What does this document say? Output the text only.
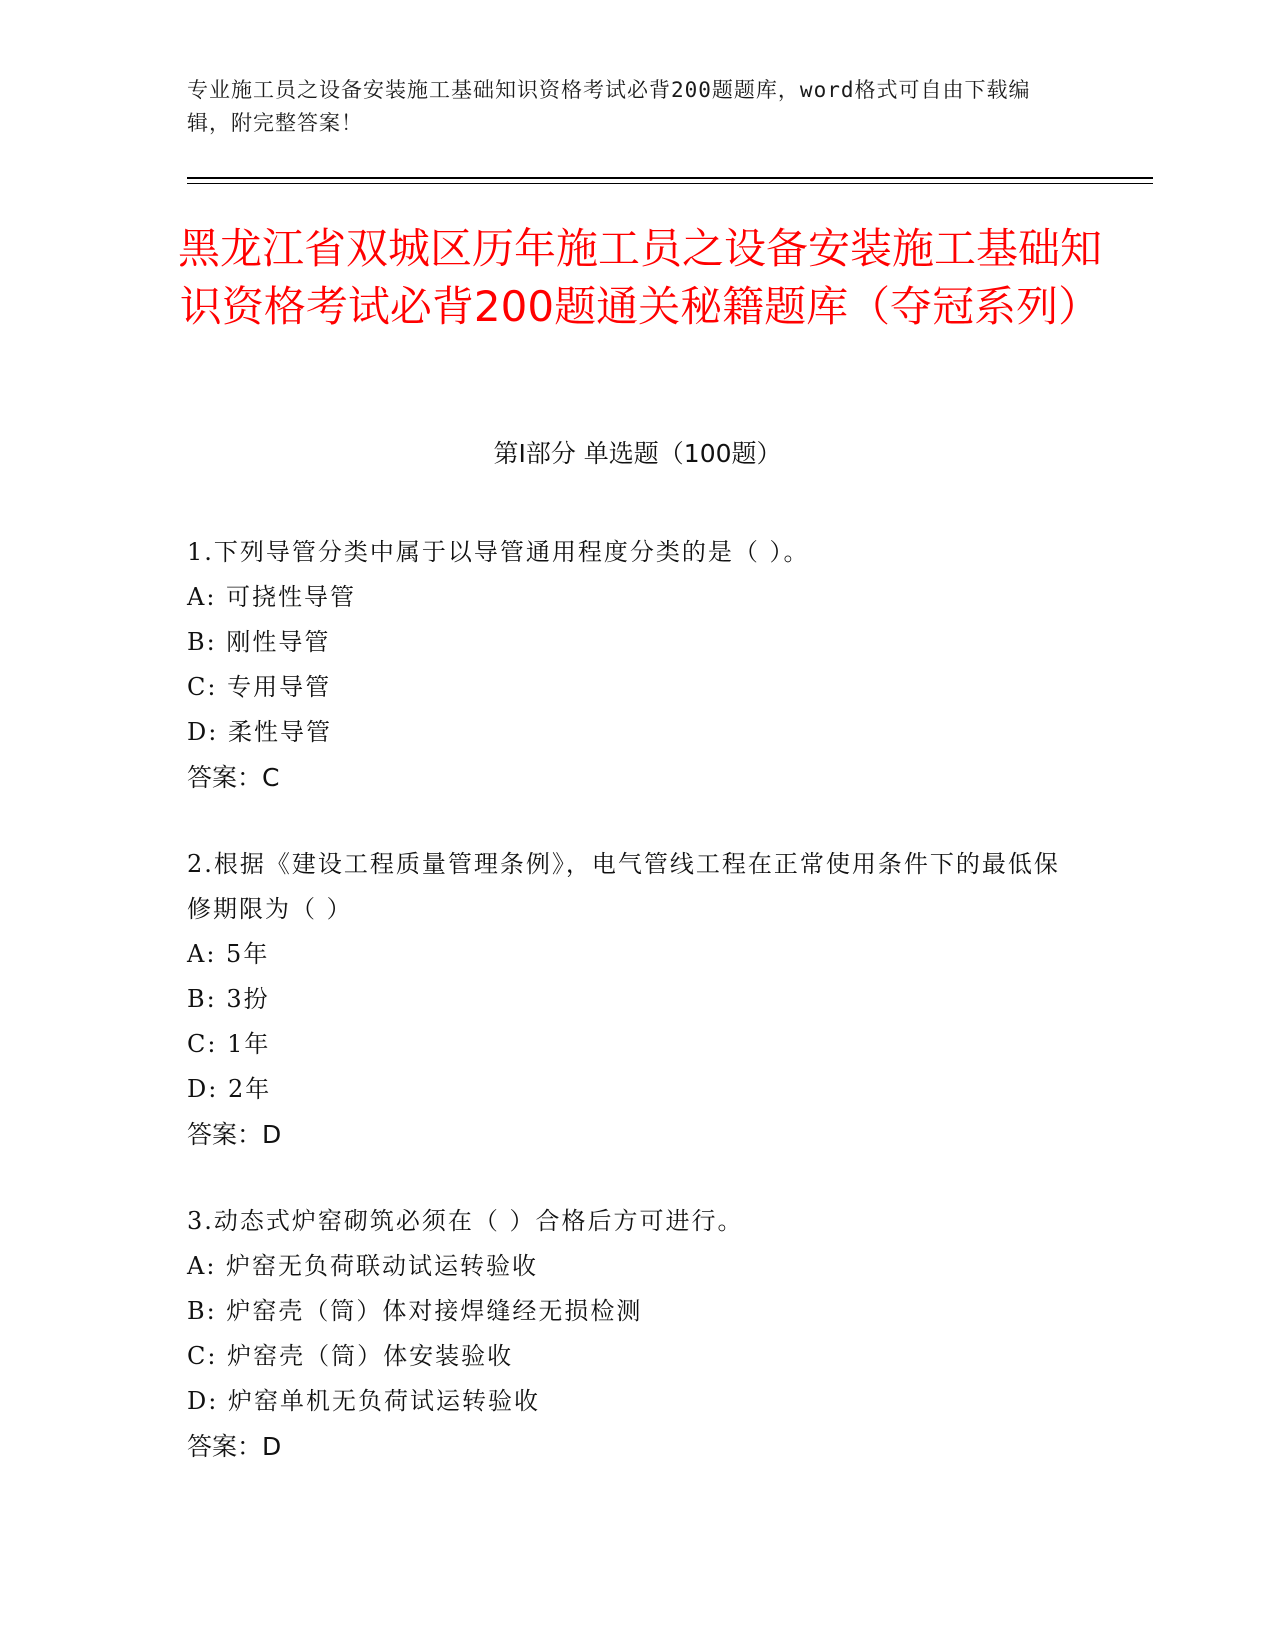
专业施工员之设备安装施工基础知识资格考试必背200题题库，word格式可自由下载编辑，附完整答案！
黑龙江省双城区历年施工员之设备安装施工基础知识资格考试必背200题通关秘籍题库（夺冠系列）
第I部分 单选题（100题）

1.下列导管分类中属于以导管通用程度分类的是（ ）。

A: 可挠性导管

B: 刚性导管

C: 专用导管

D: 柔性导管

答案：C

2.根据《建设工程质量管理条例》，电气管线工程在正常使用条件下的最低保修期限为（ ）

A: 5年

B: 3扮

C: 1年

D: 2年

答案：D

3.动态式炉窑砌筑必须在（ ）合格后方可进行。

A: 炉窑无负荷联动试运转验收

B: 炉窑壳（筒）体对接焊缝经无损检测

C: 炉窑壳（筒）体安装验收

D: 炉窑单机无负荷试运转验收

答案：D
